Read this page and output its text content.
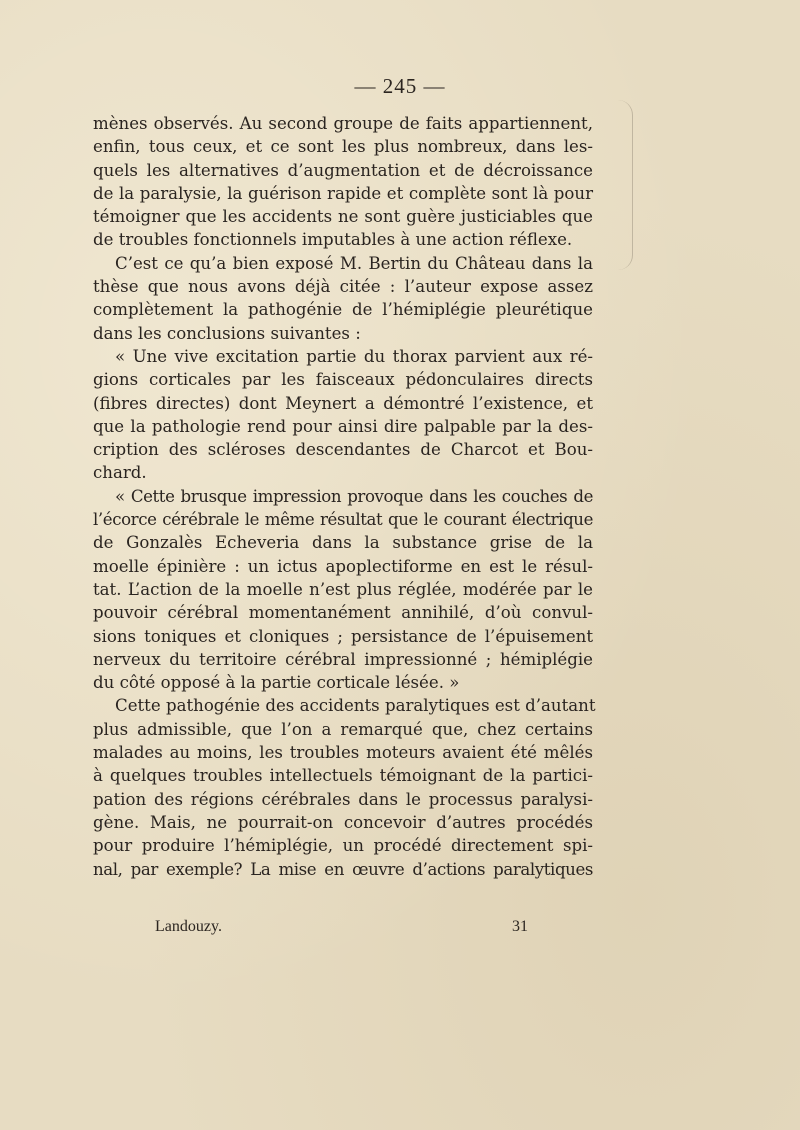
— 245 —
mènes observés. Au second groupe de faits appartiennent,
enfin, tous ceux, et ce sont les plus nombreux, dans les-
quels les alternatives d’augmentation et de décroissance
de la paralysie, la guérison rapide et complète sont là pour
témoigner que les accidents ne sont guère justiciables que
de troubles fonctionnels imputables à une action réflexe.
C’est ce qu’a bien exposé M. Bertin du Château dans la
thèse que nous avons déjà citée : l’auteur expose assez
complètement la pathogénie de l’hémiplégie pleurétique
dans les conclusions suivantes :
« Une vive excitation partie du thorax parvient aux ré-
gions corticales par les faisceaux pédonculaires directs
(fibres directes) dont Meynert a démontré l’existence, et
que la pathologie rend pour ainsi dire palpable par la des-
cription des scléroses descendantes de Charcot et Bou-
chard.
« Cette brusque impression provoque dans les couches de
l’écorce cérébrale le même résultat que le courant électrique
de Gonzalès Echeveria dans la substance grise de la
moelle épinière : un ictus apoplectiforme en est le résul-
tat. L’action de la moelle n’est plus réglée, modérée par le
pouvoir cérébral momentanément annihilé, d’où convul-
sions toniques et cloniques ; persistance de l’épuisement
nerveux du territoire cérébral impressionné ; hémiplégie
du côté opposé à la partie corticale lésée. »
Cette pathogénie des accidents paralytiques est d’autant
plus admissible, que l’on a remarqué que, chez certains
malades au moins, les troubles moteurs avaient été mêlés
à quelques troubles intellectuels témoignant de la partici-
pation des régions cérébrales dans le processus paralysi-
gène. Mais, ne pourrait-on concevoir d’autres procédés
pour produire l’hémiplégie, un procédé directement spi-
nal, par exemple? La mise en œuvre d’actions paralytiques
Landouzy.	31
